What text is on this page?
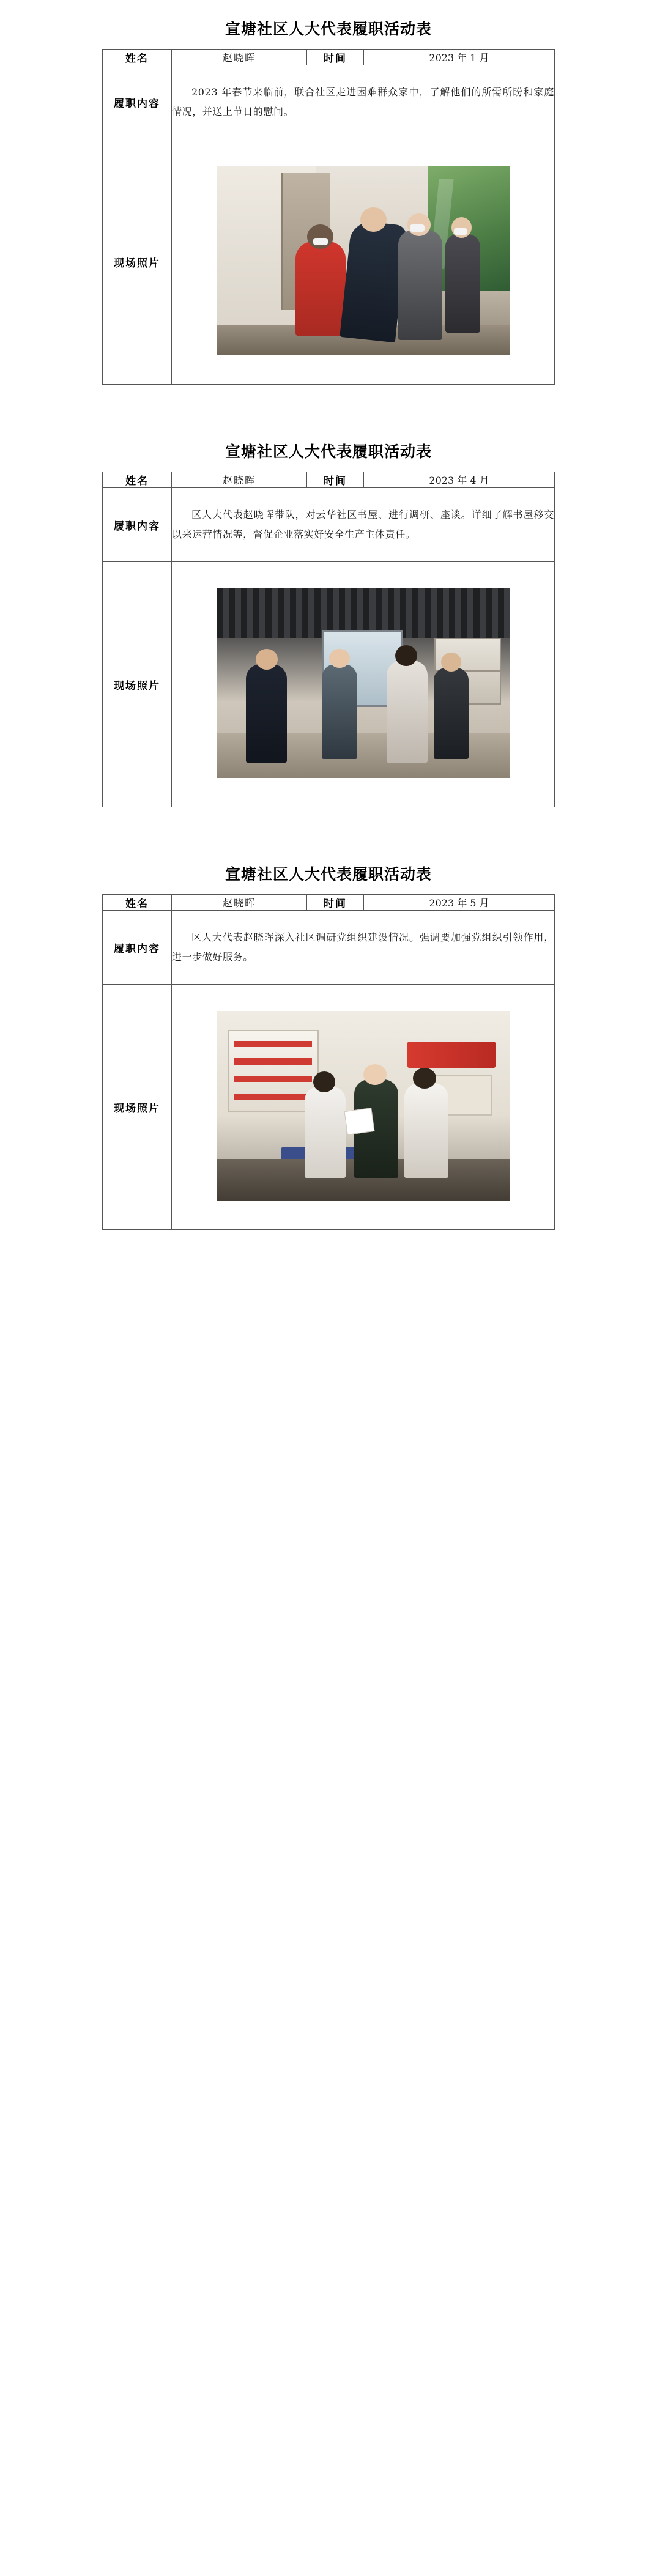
宣塘社区人大代表履职活动表
姓名	赵晓晖	时间	2023 年 1 月
履职内容	2023 年春节来临前，联合社区走进困难群众家中，了解他们的所需所盼和家庭情况，并送上节日的慰问。		

现场照片			
宣塘社区人大代表履职活动表
姓名	赵晓晖	时间	2023 年 4 月
履职内容	区人大代表赵晓晖带队，对云华社区书屋、进行调研、座谈。详细了解书屋移交以来运营情况等，督促企业落实好安全生产主体责任。		

现场照片			
宣塘社区人大代表履职活动表
姓名	赵晓晖	时间	2023 年 5 月
履职内容	区人大代表赵晓晖深入社区调研党组织建设情况。强调要加强党组织引领作用，进一步做好服务。		

现场照片			
